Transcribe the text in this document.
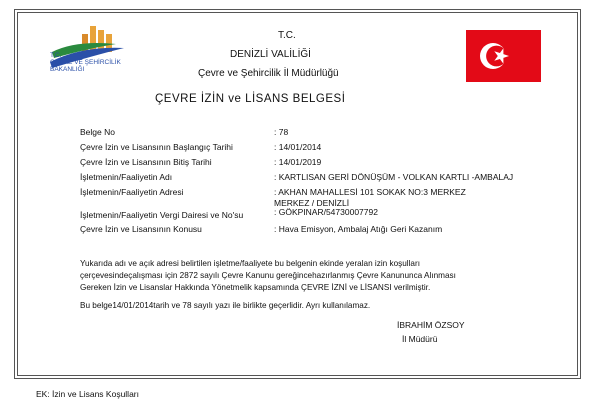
T.C.
ÇEVRE VE ŞEHİRCİLİK
BAKANLIĞI
T.C.
DENİZLİ VALİLİĞİ
Çevre ve Şehircilik İl Müdürlüğü
ÇEVRE İZİN ve LİSANS BELGESİ
Belge No	: 78
Çevre İzin ve Lisansının Başlangıç Tarihi	: 14/01/2014
Çevre İzin ve Lisansının Bitiş Tarihi	: 14/01/2019
İşletmenin/Faaliyetin Adı	: KARTLISAN GERİ DÖNÜŞÜM - VOLKAN KARTLI -AMBALAJ
İşletmenin/Faaliyetin Adresi	: AKHAN MAHALLESİ 101 SOKAK NO:3 MERKEZ
MERKEZ / DENİZLİ
İşletmenin/Faaliyetin Vergi Dairesi ve No'su	: GÖKPINAR/54730007792
Çevre İzin ve Lisansının Konusu	: Hava Emisyon, Ambalaj Atığı Geri Kazanım
Yukarıda adı ve açık adresi belirtilen işletme/faaliyete bu belgenin ekinde yeralan izin koşulları
çerçevesindeçalışması için 2872 sayılı Çevre Kanunu gereğincehazırlanmış Çevre Kanununca Alınması
Gereken İzin ve Lisanslar Hakkında Yönetmelik kapsamında ÇEVRE İZNİ ve LİSANSI verilmiştir.
Bu belge14/01/2014tarih ve 78 sayılı yazı ile birlikte geçerlidir. Ayrı kullanılamaz.
İBRAHİM ÖZSOY
İl Müdürü
EK: İzin ve Lisans Koşulları
